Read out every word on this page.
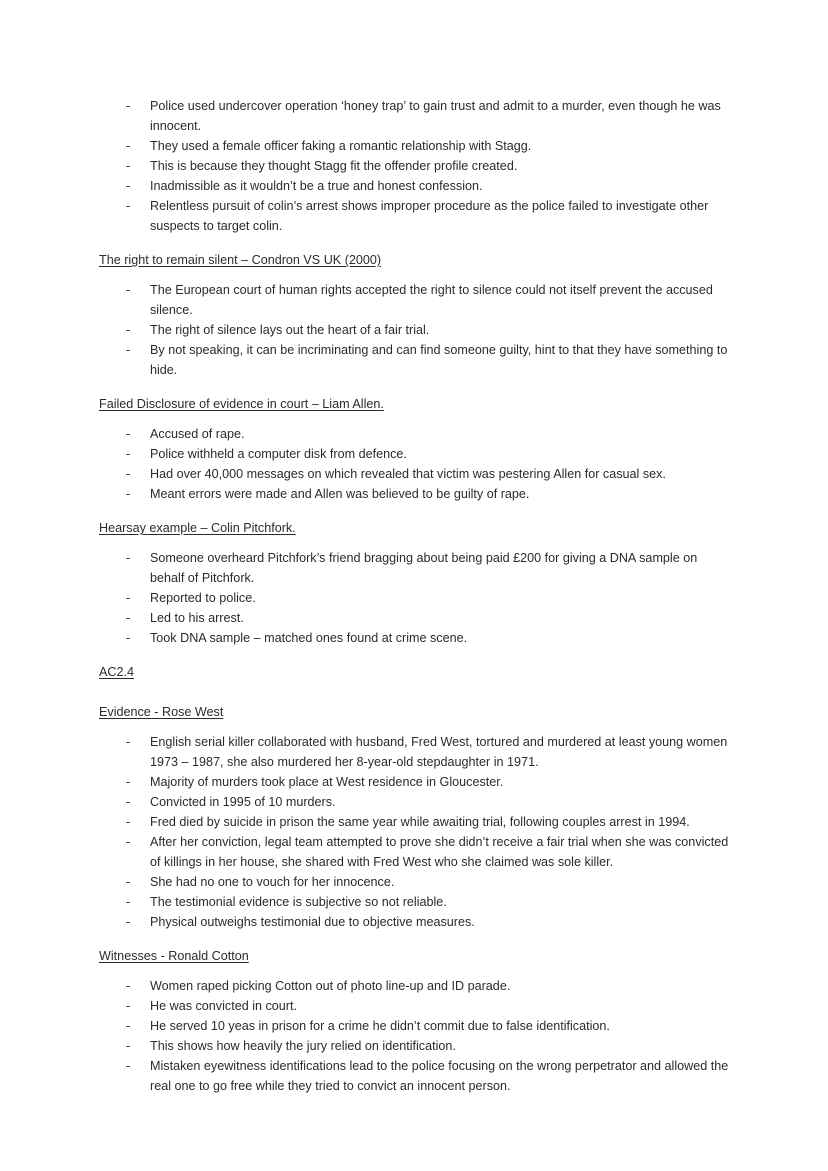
-	Police used undercover operation ‘honey trap’ to gain trust and admit to a murder, even though he was innocent.
-	They used a female officer faking a romantic relationship with Stagg.
-	This is because they thought Stagg fit the offender profile created.
-	Inadmissible as it wouldn’t be a true and honest confession.
-	Relentless pursuit of colin’s arrest shows improper procedure as the police failed to investigate other suspects to target colin.
The right to remain silent – Condron VS UK (2000)
-	The European court of human rights accepted the right to silence could not itself prevent the accused silence.
-	The right of silence lays out the heart of a fair trial.
-	By not speaking, it can be incriminating and can find someone guilty, hint to that they have something to hide.
Failed Disclosure of evidence in court – Liam Allen.
-	Accused of rape.
-	Police withheld a computer disk from defence.
-	Had over 40,000 messages on which revealed that victim was pestering Allen for casual sex.
-	Meant errors were made and Allen was believed to be guilty of rape.
Hearsay example – Colin Pitchfork.
-	Someone overheard Pitchfork’s friend bragging about being paid £200 for giving a DNA sample on behalf of Pitchfork.
-	Reported to police.
-	Led to his arrest.
-	Took DNA sample – matched ones found at crime scene.
AC2.4
Evidence - Rose West
-	English serial killer collaborated with husband, Fred West, tortured and murdered at least young women 1973 – 1987, she also murdered her 8-year-old stepdaughter in 1971.
-	Majority of murders took place at West residence in Gloucester.
-	Convicted in 1995 of 10 murders.
-	Fred died by suicide in prison the same year while awaiting trial, following couples arrest in 1994.
-	After her conviction, legal team attempted to prove she didn’t receive a fair trial when she was convicted of killings in her house, she shared with Fred West who she claimed was sole killer.
-	She had no one to vouch for her innocence.
-	The testimonial evidence is subjective so not reliable.
-	Physical outweighs testimonial due to objective measures.
Witnesses - Ronald Cotton
-	Women raped picking Cotton out of photo line-up and ID parade.
-	He was convicted in court.
-	He served 10 yeas in prison for a crime he didn’t commit due to false identification.
-	This shows how heavily the jury relied on identification.
-	Mistaken eyewitness identifications lead to the police focusing on the wrong perpetrator and allowed the real one to go free while they tried to convict an innocent person.
